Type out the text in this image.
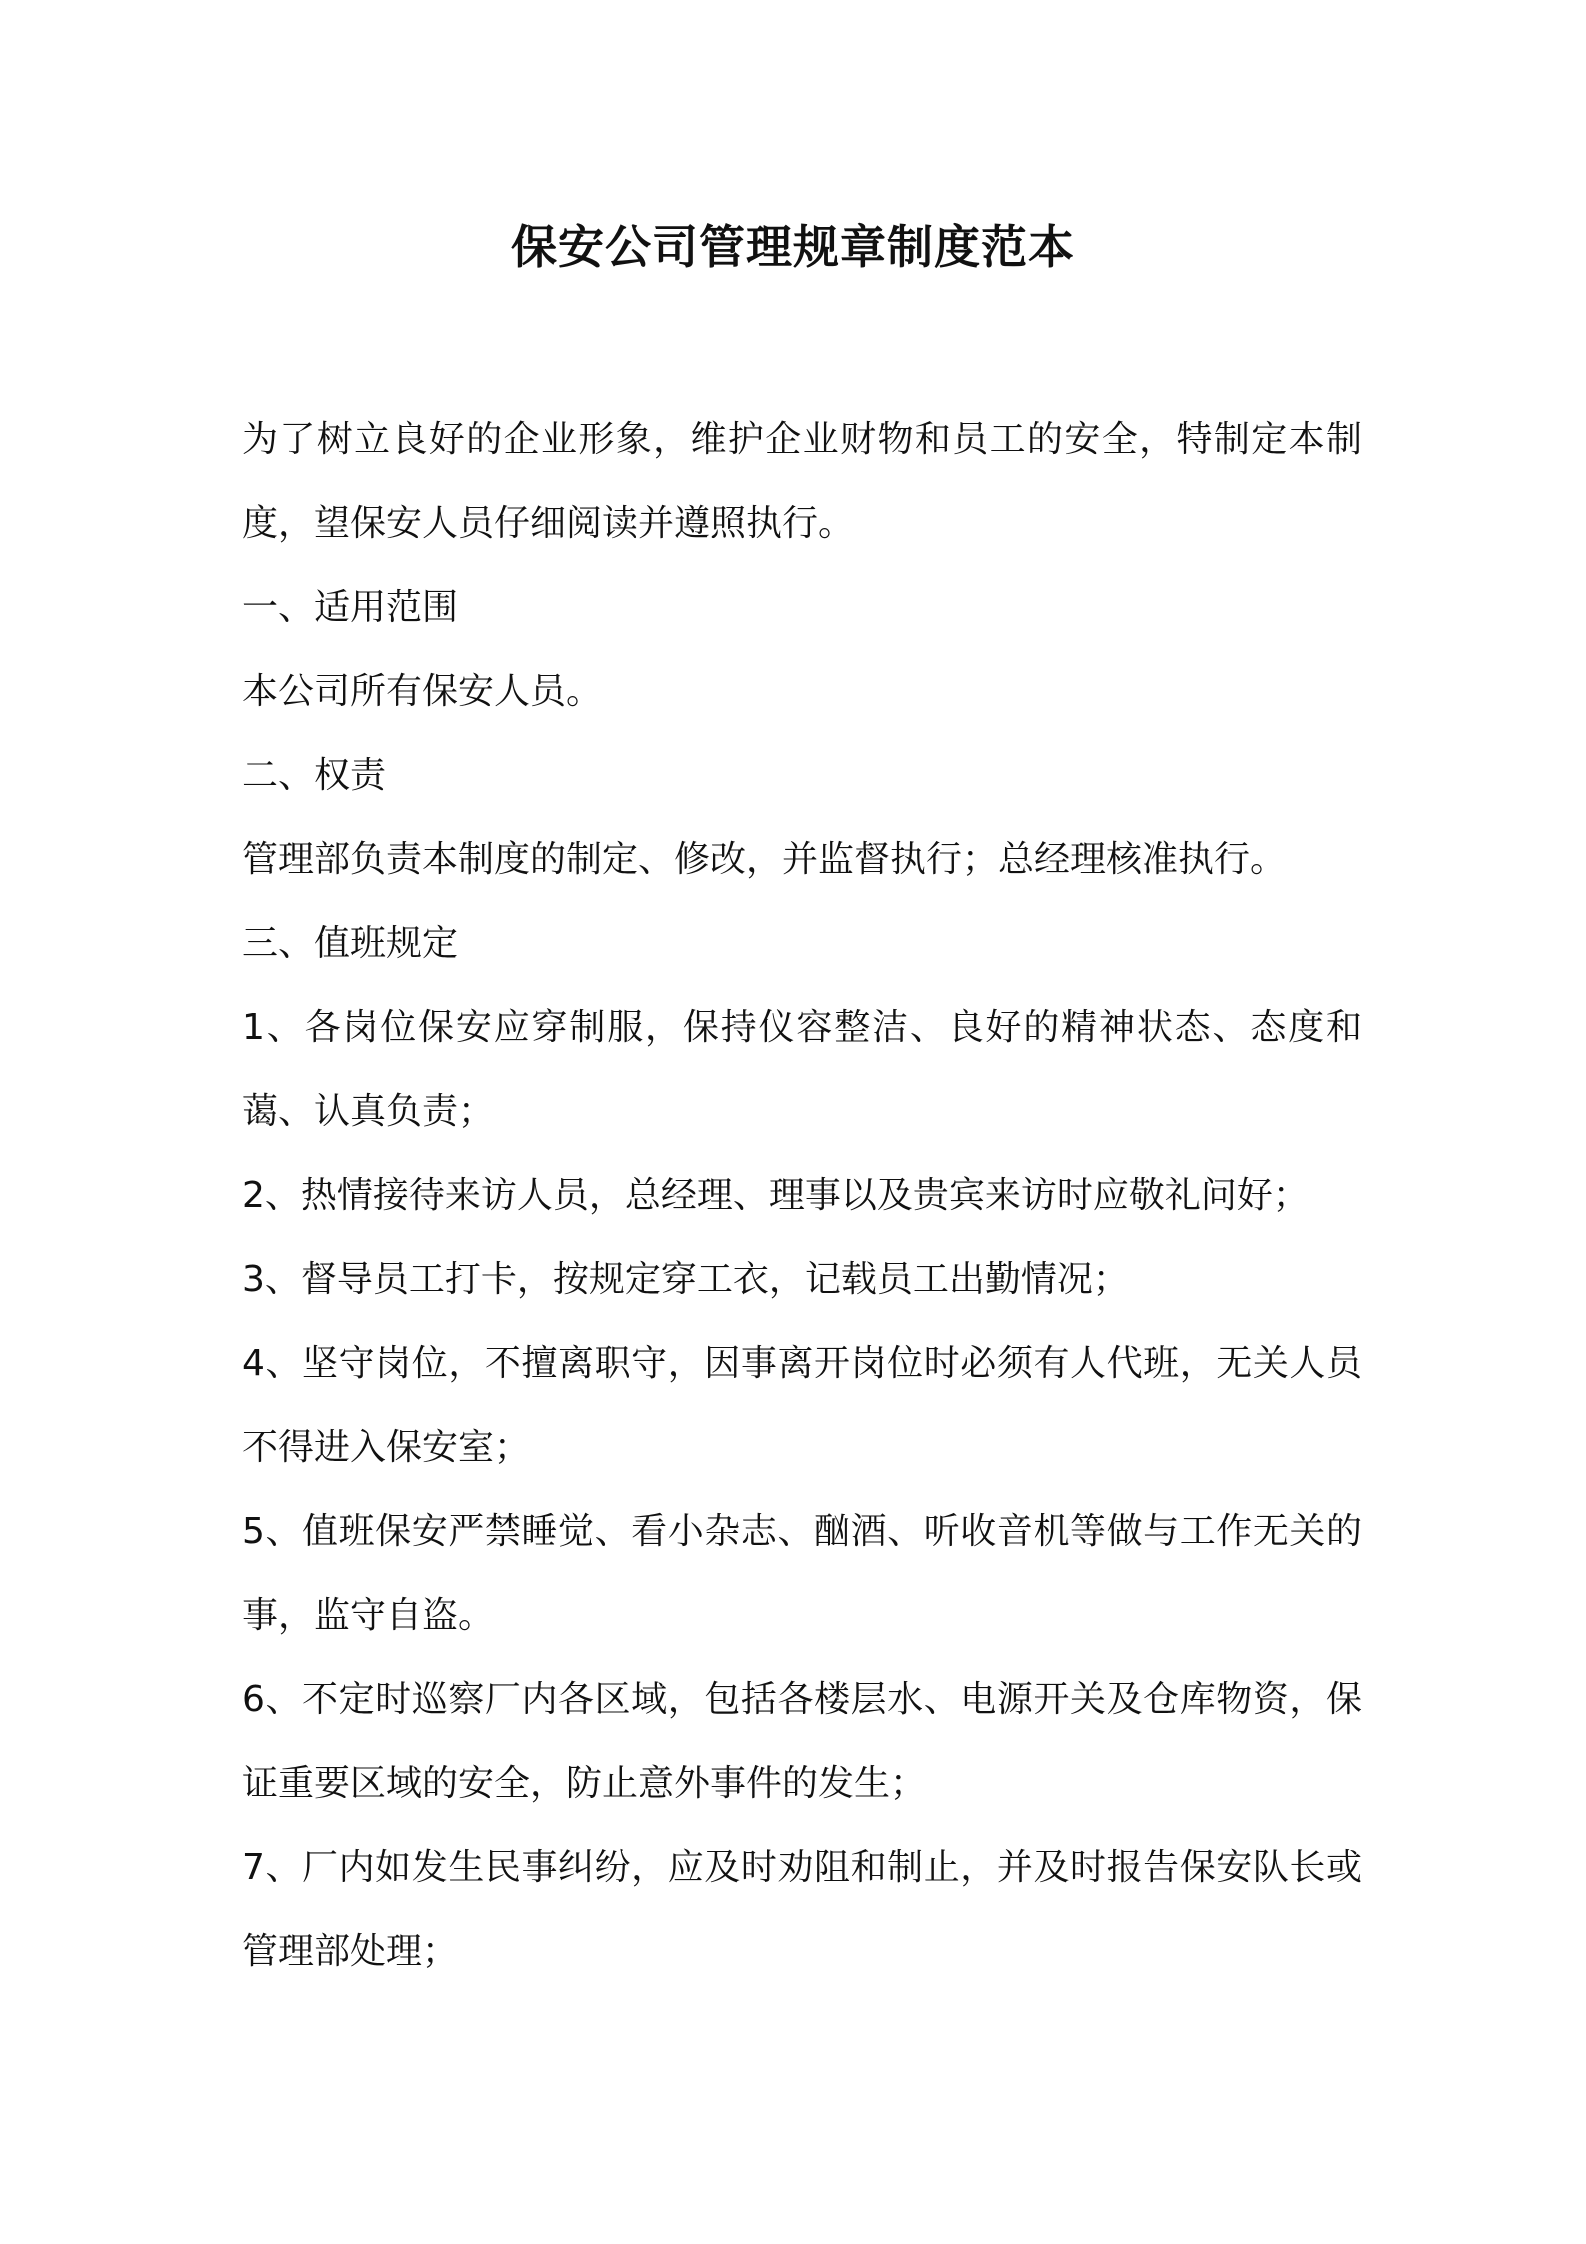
保安公司管理规章制度范本

为了树立良好的企业形象，维护企业财物和员工的安全，特制定本制度，望保安人员仔细阅读并遵照执行。

一、适用范围

本公司所有保安人员。

二、权责

管理部负责本制度的制定、修改，并监督执行；总经理核准执行。

三、值班规定

1、各岗位保安应穿制服，保持仪容整洁、良好的精神状态、态度和蔼、认真负责；

2、热情接待来访人员，总经理、理事以及贵宾来访时应敬礼问好；

3、督导员工打卡，按规定穿工衣，记载员工出勤情况；

4、坚守岗位，不擅离职守，因事离开岗位时必须有人代班，无关人员不得进入保安室；

5、值班保安严禁睡觉、看小杂志、酗酒、听收音机等做与工作无关的事，监守自盗。

6、不定时巡察厂内各区域，包括各楼层水、电源开关及仓库物资，保证重要区域的安全，防止意外事件的发生；

7、厂内如发生民事纠纷，应及时劝阻和制止，并及时报告保安队长或管理部处理；
